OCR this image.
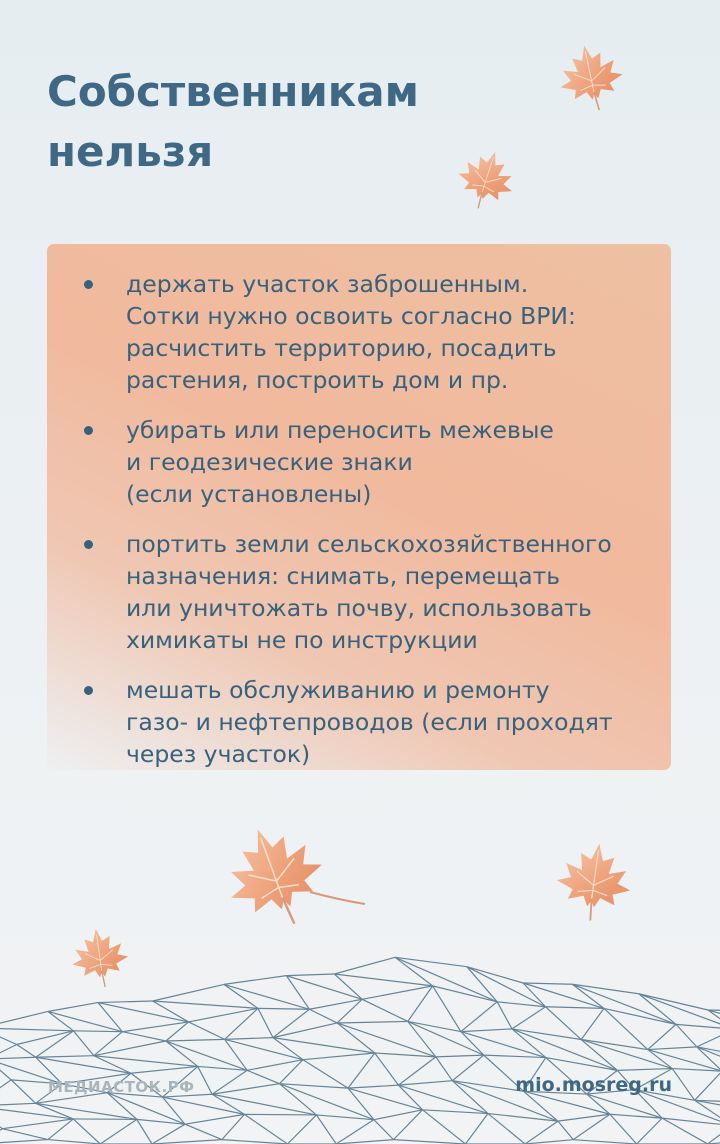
Собственникам
нельзя
держать участок заброшенным.
Сотки нужно освоить согласно ВРИ:
расчистить территорию, посадить
растения, построить дом и пр.
убирать или переносить межевые
и геодезические знаки
(если установлены)
портить земли сельскохозяйственного
назначения: снимать, перемещать
или уничтожать почву, использовать
химикаты не по инструкции
мешать обслуживанию и ремонту
газо- и нефтепроводов (если проходят
через участок)
МЕДИАСТОК.РФ	mio.mosreg.ru
